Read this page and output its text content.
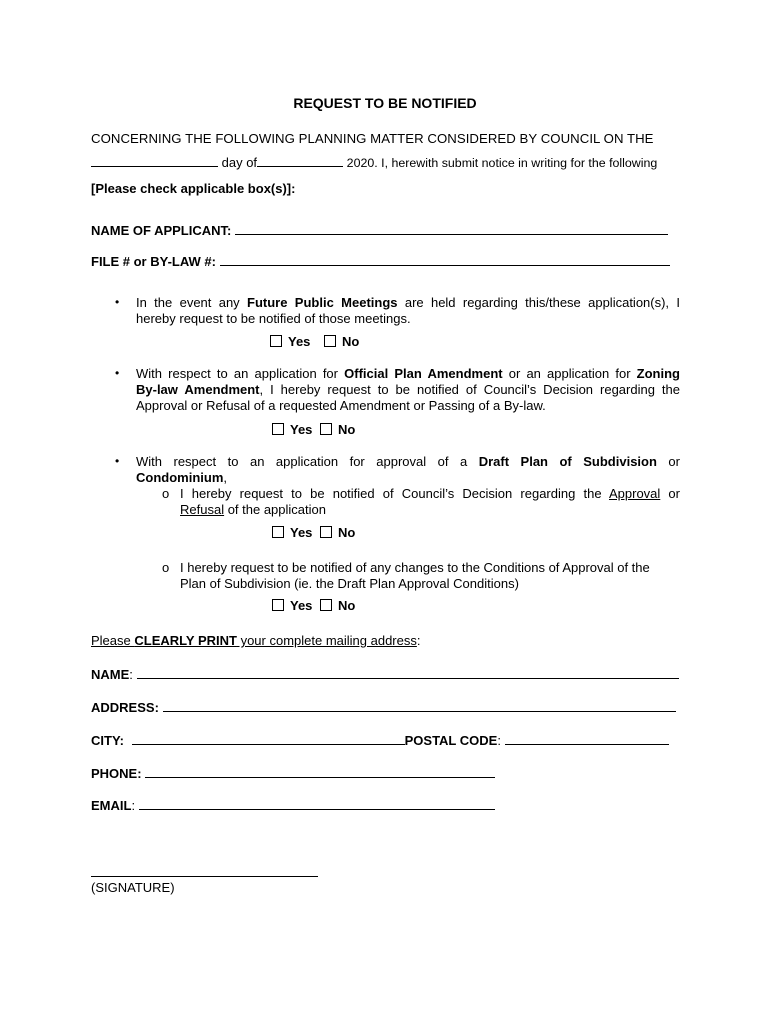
REQUEST TO BE NOTIFIED
CONCERNING THE FOLLOWING PLANNING MATTER CONSIDERED BY COUNCIL ON THE
day of	2020. I, herewith submit notice in writing for the following
[Please check applicable box(s)]:
NAME OF APPLICANT:
FILE # or BY-LAW #:
• In the event any Future Public Meetings are held regarding this/these application(s), I
hereby request to be notified of those meetings.
Yes No
• With respect to an application for Official Plan Amendment or an application for Zoning
By-law Amendment, I hereby request to be notified of Council’s Decision regarding the
Approval or Refusal of a requested Amendment or Passing of a By-law.
Yes No
• With respect to an application for approval of a Draft Plan of Subdivision or
Condominium,
o I hereby request to be notified of Council’s Decision regarding the Approval or
Refusal of the application
Yes No
o I hereby request to be notified of any changes to the Conditions of Approval of the
Plan of Subdivision (ie. the Draft Plan Approval Conditions)
Yes No
Please CLEARLY PRINT your complete mailing address:
NAME:
ADDRESS:
CITY:	POSTAL CODE:
PHONE:
EMAIL:
(SIGNATURE)
